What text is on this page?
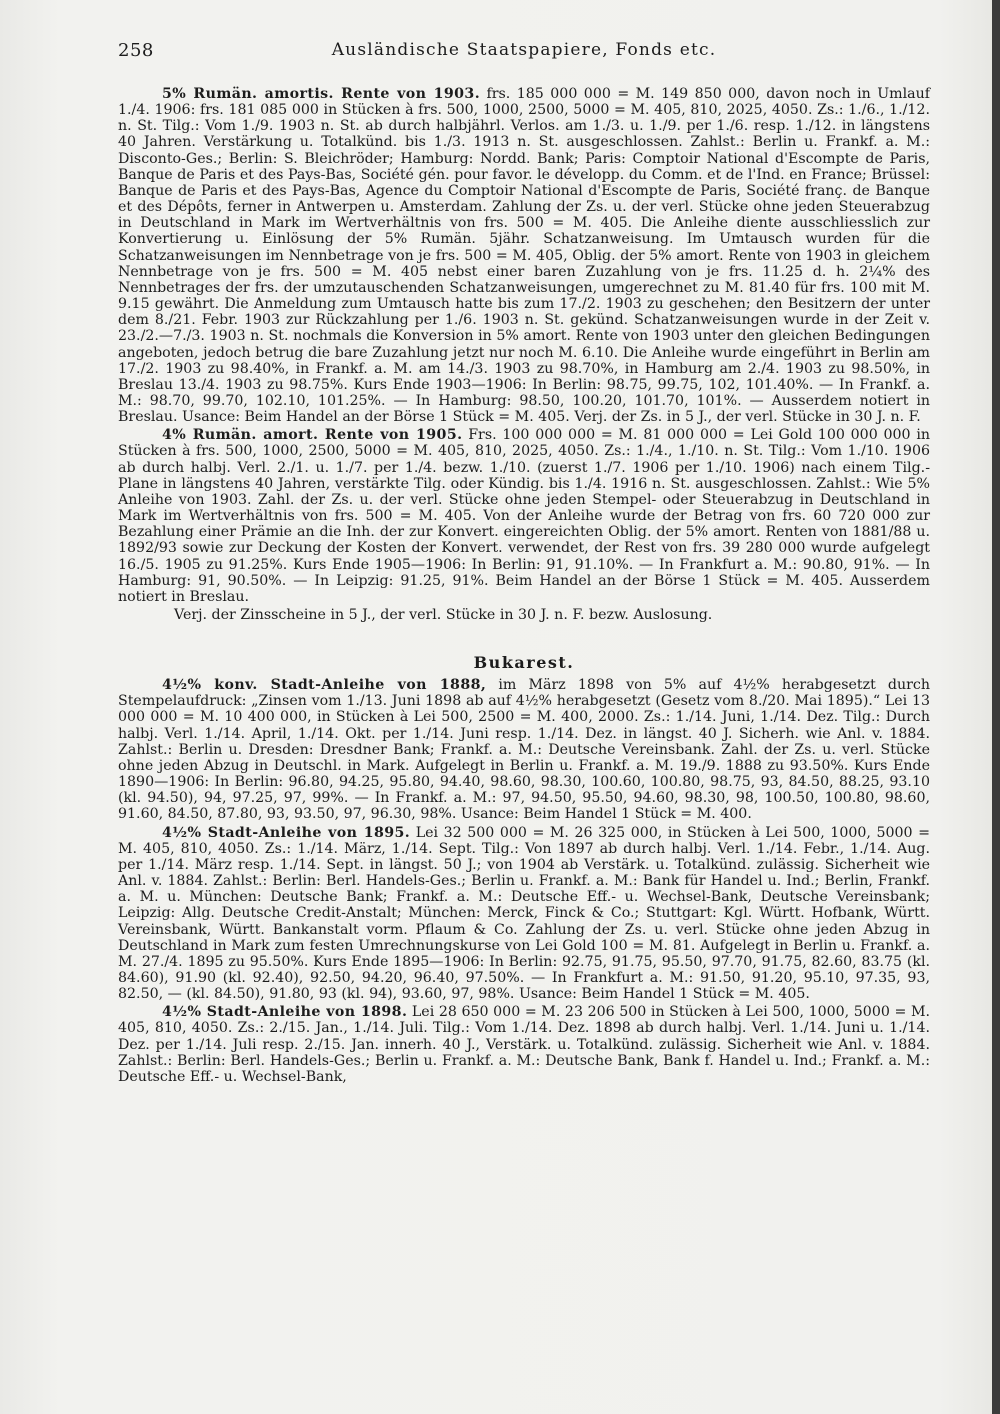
258	Ausländische Staatspapiere, Fonds etc.

5% Rumän. amortis. Rente von 1903. frs. 185 000 000 = M. 149 850 000, davon noch in Umlauf 1./4. 1906: frs. 181 085 000 in Stücken à frs. 500, 1000, 2500, 5000 = M. 405, 810, 2025, 4050. Zs.: 1./6., 1./12. n. St. Tilg.: Vom 1./9. 1903 n. St. ab durch halbjährl. Verlos. am 1./3. u. 1./9. per 1./6. resp. 1./12. in längstens 40 Jahren. Verstärkung u. Totalkünd. bis 1./3. 1913 n. St. ausgeschlossen. Zahlst.: Berlin u. Frankf. a. M.: Disconto-Ges.; Berlin: S. Bleichröder; Hamburg: Nordd. Bank; Paris: Comptoir National d'Escompte de Paris, Banque de Paris et des Pays-Bas, Société gén. pour favor. le développ. du Comm. et de l'Ind. en France; Brüssel: Banque de Paris et des Pays-Bas, Agence du Comptoir National d'Escompte de Paris, Société franç. de Banque et des Dépôts, ferner in Antwerpen u. Amsterdam. Zahlung der Zs. u. der verl. Stücke ohne jeden Steuerabzug in Deutschland in Mark im Wertverhältnis von frs. 500 = M. 405. Die Anleihe diente ausschliesslich zur Konvertierung u. Einlösung der 5% Rumän. 5jähr. Schatzanweisung. Im Umtausch wurden für die Schatzanweisungen im Nennbetrage von je frs. 500 = M. 405, Oblig. der 5% amort. Rente von 1903 in gleichem Nennbetrage von je frs. 500 = M. 405 nebst einer baren Zuzahlung von je frs. 11.25 d. h. 2¼% des Nennbetrages der frs. der umzutauschenden Schatzanweisungen, umgerechnet zu M. 81.40 für frs. 100 mit M. 9.15 gewährt. Die Anmeldung zum Umtausch hatte bis zum 17./2. 1903 zu geschehen; den Besitzern der unter dem 8./21. Febr. 1903 zur Rückzahlung per 1./6. 1903 n. St. gekünd. Schatzanweisungen wurde in der Zeit v. 23./2.—7./3. 1903 n. St. nochmals die Konversion in 5% amort. Rente von 1903 unter den gleichen Bedingungen angeboten, jedoch betrug die bare Zuzahlung jetzt nur noch M. 6.10. Die Anleihe wurde eingeführt in Berlin am 17./2. 1903 zu 98.40%, in Frankf. a. M. am 14./3. 1903 zu 98.70%, in Hamburg am 2./4. 1903 zu 98.50%, in Breslau 13./4. 1903 zu 98.75%. Kurs Ende 1903—1906: In Berlin: 98.75, 99.75, 102, 101.40%. — In Frankf. a. M.: 98.70, 99.70, 102.10, 101.25%. — In Hamburg: 98.50, 100.20, 101.70, 101%. — Ausserdem notiert in Breslau. Usance: Beim Handel an der Börse 1 Stück = M. 405. Verj. der Zs. in 5 J., der verl. Stücke in 30 J. n. F.

4% Rumän. amort. Rente von 1905. Frs. 100 000 000 = M. 81 000 000 = Lei Gold 100 000 000 in Stücken à frs. 500, 1000, 2500, 5000 = M. 405, 810, 2025, 4050. Zs.: 1./4., 1./10. n. St. Tilg.: Vom 1./10. 1906 ab durch halbj. Verl. 2./1. u. 1./7. per 1./4. bezw. 1./10. (zuerst 1./7. 1906 per 1./10. 1906) nach einem Tilg.-Plane in längstens 40 Jahren, verstärkte Tilg. oder Kündig. bis 1./4. 1916 n. St. ausgeschlossen. Zahlst.: Wie 5% Anleihe von 1903. Zahl. der Zs. u. der verl. Stücke ohne jeden Stempel- oder Steuerabzug in Deutschland in Mark im Wertverhältnis von frs. 500 = M. 405. Von der Anleihe wurde der Betrag von frs. 60 720 000 zur Bezahlung einer Prämie an die Inh. der zur Konvert. eingereichten Oblig. der 5% amort. Renten von 1881/88 u. 1892/93 sowie zur Deckung der Kosten der Konvert. verwendet, der Rest von frs. 39 280 000 wurde aufgelegt 16./5. 1905 zu 91.25%. Kurs Ende 1905—1906: In Berlin: 91, 91.10%. — In Frankfurt a. M.: 90.80, 91%. — In Hamburg: 91, 90.50%. — In Leipzig: 91.25, 91%. Beim Handel an der Börse 1 Stück = M. 405. Ausserdem notiert in Breslau.

Verj. der Zinsscheine in 5 J., der verl. Stücke in 30 J. n. F. bezw. Auslosung.

Bukarest.

4½% konv. Stadt-Anleihe von 1888, im März 1898 von 5% auf 4½% herabgesetzt durch Stempelaufdruck: „Zinsen vom 1./13. Juni 1898 ab auf 4½% herabgesetzt (Gesetz vom 8./20. Mai 1895).“ Lei 13 000 000 = M. 10 400 000, in Stücken à Lei 500, 2500 = M. 400, 2000. Zs.: 1./14. Juni, 1./14. Dez. Tilg.: Durch halbj. Verl. 1./14. April, 1./14. Okt. per 1./14. Juni resp. 1./14. Dez. in längst. 40 J. Sicherh. wie Anl. v. 1884. Zahlst.: Berlin u. Dresden: Dresdner Bank; Frankf. a. M.: Deutsche Vereinsbank. Zahl. der Zs. u. verl. Stücke ohne jeden Abzug in Deutschl. in Mark. Aufgelegt in Berlin u. Frankf. a. M. 19./9. 1888 zu 93.50%. Kurs Ende 1890—1906: In Berlin: 96.80, 94.25, 95.80, 94.40, 98.60, 98.30, 100.60, 100.80, 98.75, 93, 84.50, 88.25, 93.10 (kl. 94.50), 94, 97.25, 97, 99%. — In Frankf. a. M.: 97, 94.50, 95.50, 94.60, 98.30, 98, 100.50, 100.80, 98.60, 91.60, 84.50, 87.80, 93, 93.50, 97, 96.30, 98%. Usance: Beim Handel 1 Stück = M. 400.

4½% Stadt-Anleihe von 1895. Lei 32 500 000 = M. 26 325 000, in Stücken à Lei 500, 1000, 5000 = M. 405, 810, 4050. Zs.: 1./14. März, 1./14. Sept. Tilg.: Von 1897 ab durch halbj. Verl. 1./14. Febr., 1./14. Aug. per 1./14. März resp. 1./14. Sept. in längst. 50 J.; von 1904 ab Verstärk. u. Totalkünd. zulässig. Sicherheit wie Anl. v. 1884. Zahlst.: Berlin: Berl. Handels-Ges.; Berlin u. Frankf. a. M.: Bank für Handel u. Ind.; Berlin, Frankf. a. M. u. München: Deutsche Bank; Frankf. a. M.: Deutsche Eff.- u. Wechsel-Bank, Deutsche Vereinsbank; Leipzig: Allg. Deutsche Credit-Anstalt; München: Merck, Finck & Co.; Stuttgart: Kgl. Württ. Hofbank, Württ. Vereinsbank, Württ. Bankanstalt vorm. Pflaum & Co. Zahlung der Zs. u. verl. Stücke ohne jeden Abzug in Deutschland in Mark zum festen Umrechnungskurse von Lei Gold 100 = M. 81. Aufgelegt in Berlin u. Frankf. a. M. 27./4. 1895 zu 95.50%. Kurs Ende 1895—1906: In Berlin: 92.75, 91.75, 95.50, 97.70, 91.75, 82.60, 83.75 (kl. 84.60), 91.90 (kl. 92.40), 92.50, 94.20, 96.40, 97.50%. — In Frankfurt a. M.: 91.50, 91.20, 95.10, 97.35, 93, 82.50, — (kl. 84.50), 91.80, 93 (kl. 94), 93.60, 97, 98%. Usance: Beim Handel 1 Stück = M. 405.

4½% Stadt-Anleihe von 1898. Lei 28 650 000 = M. 23 206 500 in Stücken à Lei 500, 1000, 5000 = M. 405, 810, 4050. Zs.: 2./15. Jan., 1./14. Juli. Tilg.: Vom 1./14. Dez. 1898 ab durch halbj. Verl. 1./14. Juni u. 1./14. Dez. per 1./14. Juli resp. 2./15. Jan. innerh. 40 J., Verstärk. u. Totalkünd. zulässig. Sicherheit wie Anl. v. 1884. Zahlst.: Berlin: Berl. Handels-Ges.; Berlin u. Frankf. a. M.: Deutsche Bank, Bank f. Handel u. Ind.; Frankf. a. M.: Deutsche Eff.- u. Wechsel-Bank,
